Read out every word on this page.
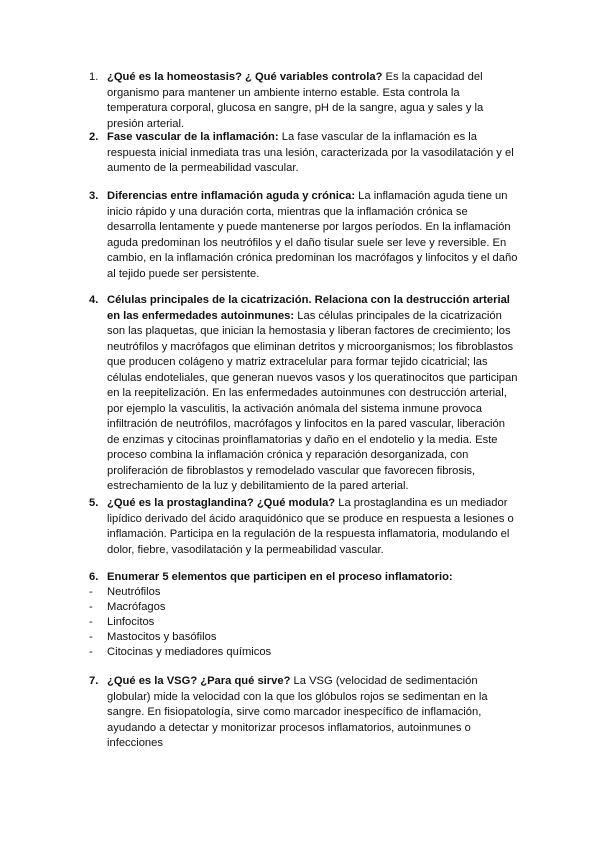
1. ¿Qué es la homeostasis? ¿ Qué variables controla? Es la capacidad del organismo para mantener un ambiente interno estable. Esta controla la temperatura corporal, glucosa en sangre, pH de la sangre, agua y sales y la presión arterial.
2. Fase vascular de la inflamación: La fase vascular de la inflamación es la respuesta inicial inmediata tras una lesión, caracterizada por la vasodilatación y el aumento de la permeabilidad vascular.
3. Diferencias entre inflamación aguda y crónica: La inflamación aguda tiene un inicio rápido y una duración corta, mientras que la inflamación crónica se desarrolla lentamente y puede mantenerse por largos períodos. En la inflamación aguda predominan los neutrófilos y el daño tisular suele ser leve y reversible. En cambio, en la inflamación crónica predominan los macrófagos y linfocitos y el daño al tejido puede ser persistente.
4. Células principales de la cicatrización. Relaciona con la destrucción arterial en las enfermedades autoinmunes: Las células principales de la cicatrización son las plaquetas, que inician la hemostasia y liberan factores de crecimiento; los neutrófilos y macrófagos que eliminan detritos y microorganismos; los fibroblastos que producen colágeno y matriz extracelular para formar tejido cicatricial; las células endoteliales, que generan nuevos vasos y los queratinocitos que participan en la reepitelización. En las enfermedades autoinmunes con destrucción arterial, por ejemplo la vasculitis, la activación anómala del sistema inmune provoca infiltración de neutrófilos, macrófagos y linfocitos en la pared vascular, liberación de enzimas y citocinas proinflamatorias y daño en el endotelio y la media. Este proceso combina la inflamación crónica y reparación desorganizada, con proliferación de fibroblastos y remodelado vascular que favorecen fibrosis, estrechamiento de la luz y debilitamiento de la pared arterial.
5. ¿Qué es la prostaglandina? ¿Qué modula? La prostaglandina es un mediador lipídico derivado del ácido araquidónico que se produce en respuesta a lesiones o inflamación. Participa en la regulación de la respuesta inflamatoria, modulando el dolor, fiebre, vasodilatación y la permeabilidad vascular.
6. Enumerar 5 elementos que participen en el proceso inflamatorio:
- Neutrófilos
- Macrófagos
- Linfocitos
- Mastocitos y basófilos
- Citocinas y mediadores químicos
7. ¿Qué es la VSG? ¿Para qué sirve? La VSG (velocidad de sedimentación globular) mide la velocidad con la que los glóbulos rojos se sedimentan en la sangre. En fisiopatología, sirve como marcador inespecífico de inflamación, ayudando a detectar y monitorizar procesos inflamatorios, autoinmunes o infecciones
